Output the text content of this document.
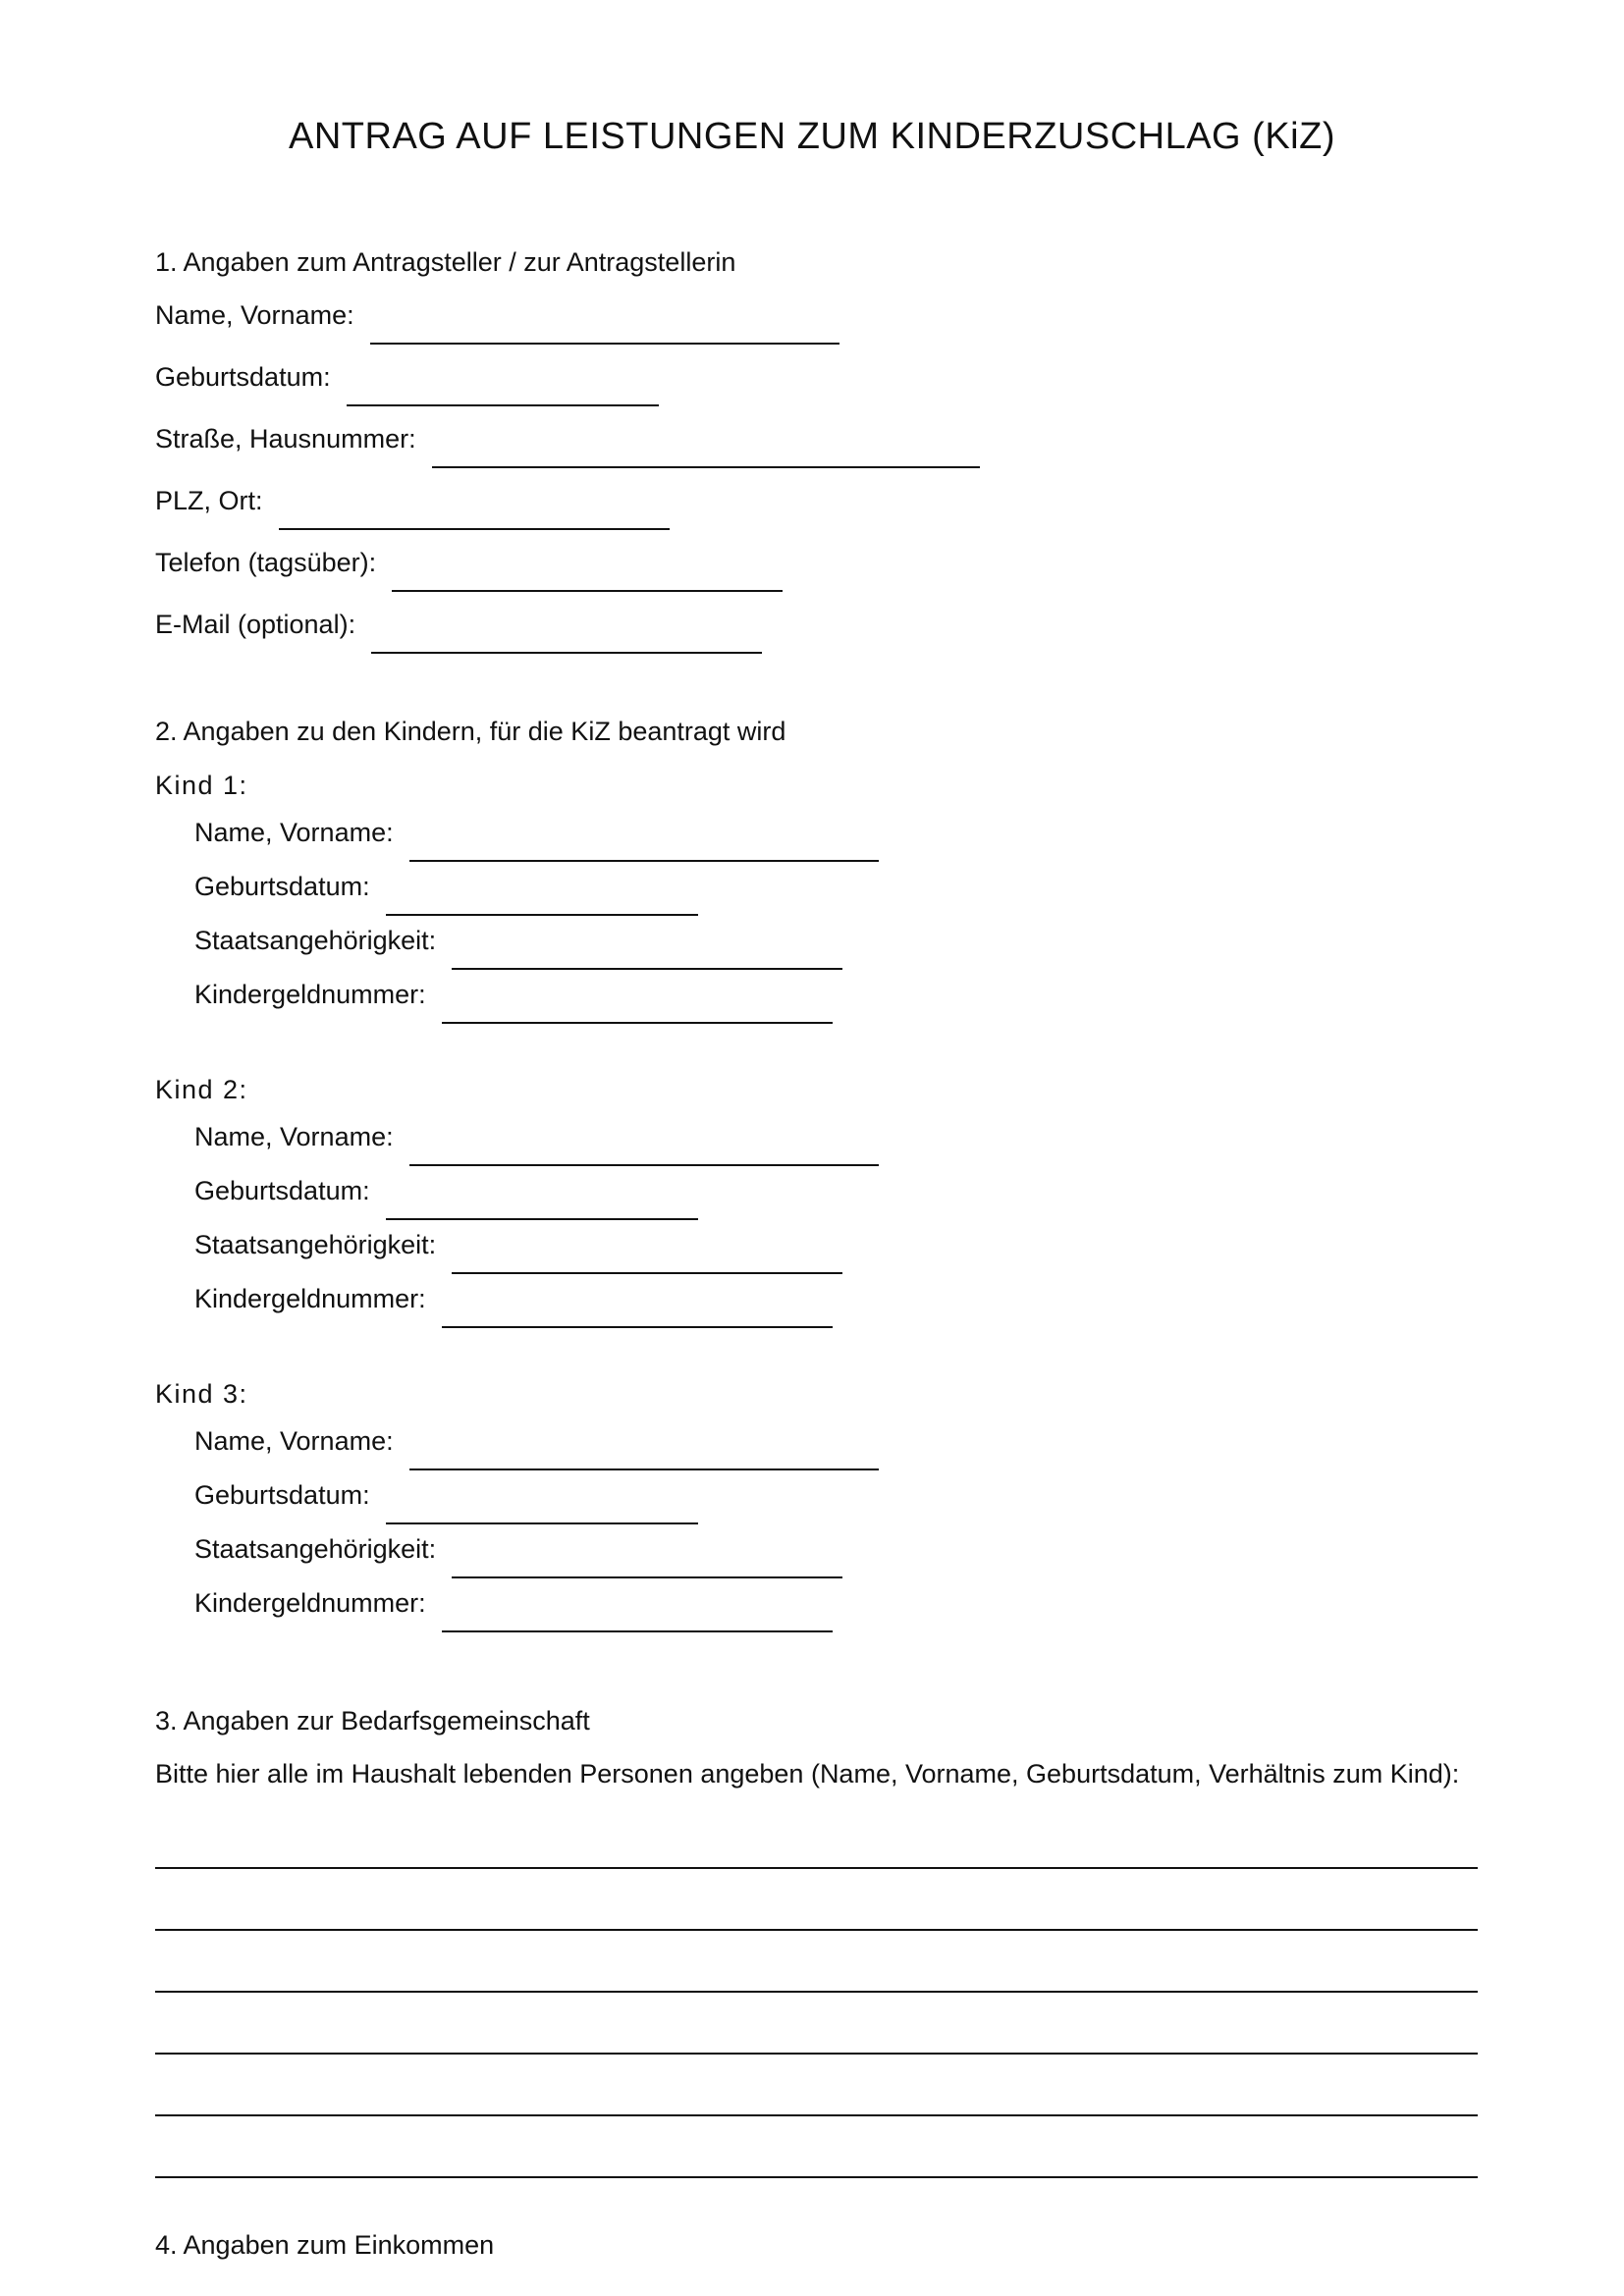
ANTRAG AUF LEISTUNGEN ZUM KINDERZUSCHLAG (KiZ)
1. Angaben zum Antragsteller / zur Antragstellerin
Name, Vorname:
Geburtsdatum:
Straße, Hausnummer:
PLZ, Ort:
Telefon (tagsüber):
E-Mail (optional):
2. Angaben zu den Kindern, für die KiZ beantragt wird
Kind 1:
Name, Vorname:
Geburtsdatum:
Staatsangehörigkeit:
Kindergeldnummer:
Kind 2:
Name, Vorname:
Geburtsdatum:
Staatsangehörigkeit:
Kindergeldnummer:
Kind 3:
Name, Vorname:
Geburtsdatum:
Staatsangehörigkeit:
Kindergeldnummer:
3. Angaben zur Bedarfsgemeinschaft
Bitte hier alle im Haushalt lebenden Personen angeben (Name, Vorname, Geburtsdatum, Verhältnis zum Kind):
4. Angaben zum Einkommen
